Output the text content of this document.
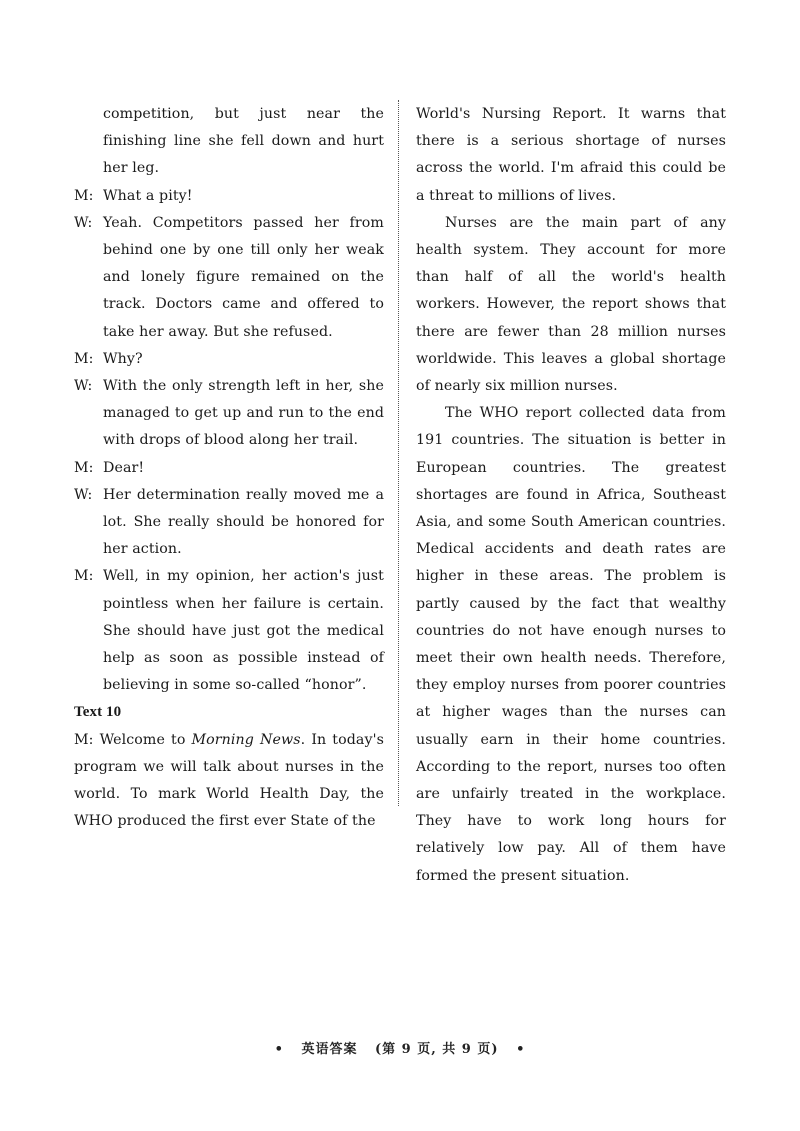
competition, but just near the finishing line she fell down and hurt her leg.
M: What a pity!
W: Yeah. Competitors passed her from behind one by one till only her weak and lonely figure remained on the track. Doctors came and offered to take her away. But she refused.
M: Why?
W: With the only strength left in her, she managed to get up and run to the end with drops of blood along her trail.
M: Dear!
W: Her determination really moved me a lot. She really should be honored for her action.
M: Well, in my opinion, her action's just pointless when her failure is certain. She should have just got the medical help as soon as possible instead of believing in some so-called “honor”.
Text 10
M: Welcome to Morning News. In today's program we will talk about nurses in the world. To mark World Health Day, the WHO produced the first ever State of the

World's Nursing Report. It warns that there is a serious shortage of nurses across the world. I'm afraid this could be a threat to millions of lives.

Nurses are the main part of any health system. They account for more than half of all the world's health workers. However, the report shows that there are fewer than 28 million nurses worldwide. This leaves a global shortage of nearly six million nurses.

The WHO report collected data from 191 countries. The situation is better in European countries. The greatest shortages are found in Africa, Southeast Asia, and some South American countries. Medical accidents and death rates are higher in these areas. The problem is partly caused by the fact that wealthy countries do not have enough nurses to meet their own health needs. Therefore, they employ nurses from poorer countries at higher wages than the nurses can usually earn in their home countries. According to the report, nurses too often are unfairly treated in the workplace. They have to work long hours for relatively low pay. All of them have formed the present situation.

• 英语答案 (第 9 页, 共 9 页) •
